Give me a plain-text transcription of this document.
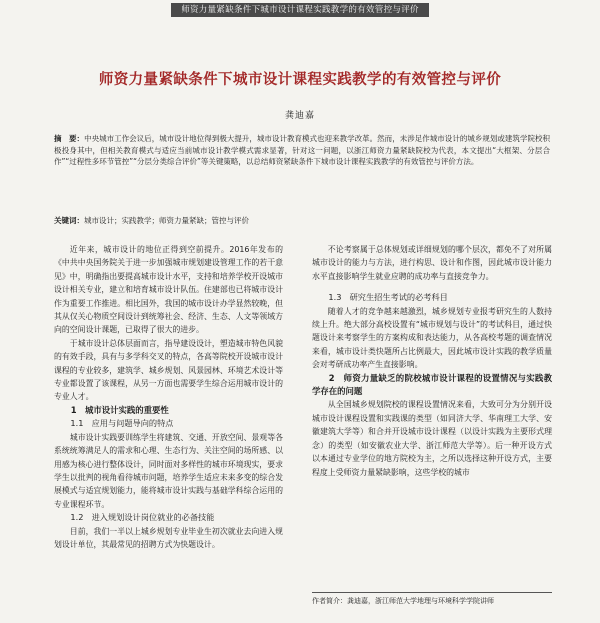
师资力量紧缺条件下城市设计课程实践教学的有效管控与评价
师资力量紧缺条件下城市设计课程实践教学的有效管控与评价
龚迪嘉
摘　要：中央城市工作会议后，城市设计地位得到极大提升，城市设计教育模式也迎来教学改革。然而，未涉足作城市设计的城乡规划或建筑学院校积极投身其中，但相关教育模式与适应当前城市设计教学模式需求显著，针对这一问题，以浙江师资力量紧缺院校为代表，本文提出“大框架、分层合作”“过程性多环节管控”“分层分类综合评价”等关键策略，以总结师资紧缺条件下城市设计课程实践教学的有效管控与评价方法。
关键词：城市设计；实践教学；师资力量紧缺；管控与评价

近年来，城市设计的地位正得到空前提升。2016年发布的《中共中央国务院关于进一步加强城市规划建设管理工作的若干意见》中，明确指出要提高城市设计水平，支持和培养学校开设城市设计相关专业，建立和培育城市设计队伍。住建部也已将城市设计作为重要工作推进。相比国外，我国的城市设计办学显然较晚，但其从仅关心物质空间设计到统筹社会、经济、生态、人文等领域方向的空间设计课题，已取得了很大的进步。

于城市设计总体层面而言，指导建设设计，塑造城市特色风貌的有效手段，具有与多学科交叉的特点，各高等院校开设城市设计课程的专业较多，建筑学、城乡规划、风景园林、环境艺术设计等专业都设置了该课程，从另一方面也需要学生综合运用城市设计的专业人才。

1　城市设计实践的重要性

1.1　应用与问题导向的特点

城市设计实践要训练学生将建筑、交通、开放空间、景观等各系统统筹满足人的需求和心理、生态行为、关注空间的场所感、以用感为核心进行整体设计，同时面对多样性的城市环境现实，要求学生以批判的视角看待城市问题，培养学生适应未来多变的综合发展模式与适宜规划能力，能将城市设计实践与基础学科综合运用的专业课程环节。

1.2　进入规划设计岗位就业的必备技能

目前，我们一半以上城乡规划专业毕业生初次就业去向进入规划设计单位，其最常见的招聘方式为快题设计。

不论考察属于总体规划或详细规划的哪个层次，都免不了对所属城市设计的能力与方法，进行构思、设计和作图，因此城市设计能力水平直接影响学生就业应聘的成功率与直接竞争力。

1.3　研究生招生考试的必考科目

随着人才的竞争越来越激烈，城乡规划专业报考研究生的人数持续上升。绝大部分高校设置有“城市规划与设计”的考试科目，通过快题设计来考察学生的方案构成和表达能力，从各高校考题的调查情况来看，城市设计类快题所占比例最大，因此城市设计实践的教学质量会对考研成功率产生直接影响。

2　师资力量缺乏的院校城市设计课程的设置情况与实践教学存在的问题

从全国城乡规划院校的课程设置情况来看，大致可分为分别开设城市设计课程设置和实践课的类型（如同济大学、华南理工大学、安徽建筑大学等）和合并开设城市设计课程（以设计实践为主要形式理念）的类型（如安徽农业大学、浙江师范大学等）。后一种开设方式以本通过专业学位的地方院校为主，之所以选择这种开设方式，主要程度上受师资力量紧缺影响，这些学校的城市

作者简介：龚迪嘉，浙江师范大学地理与环境科学学院讲师
